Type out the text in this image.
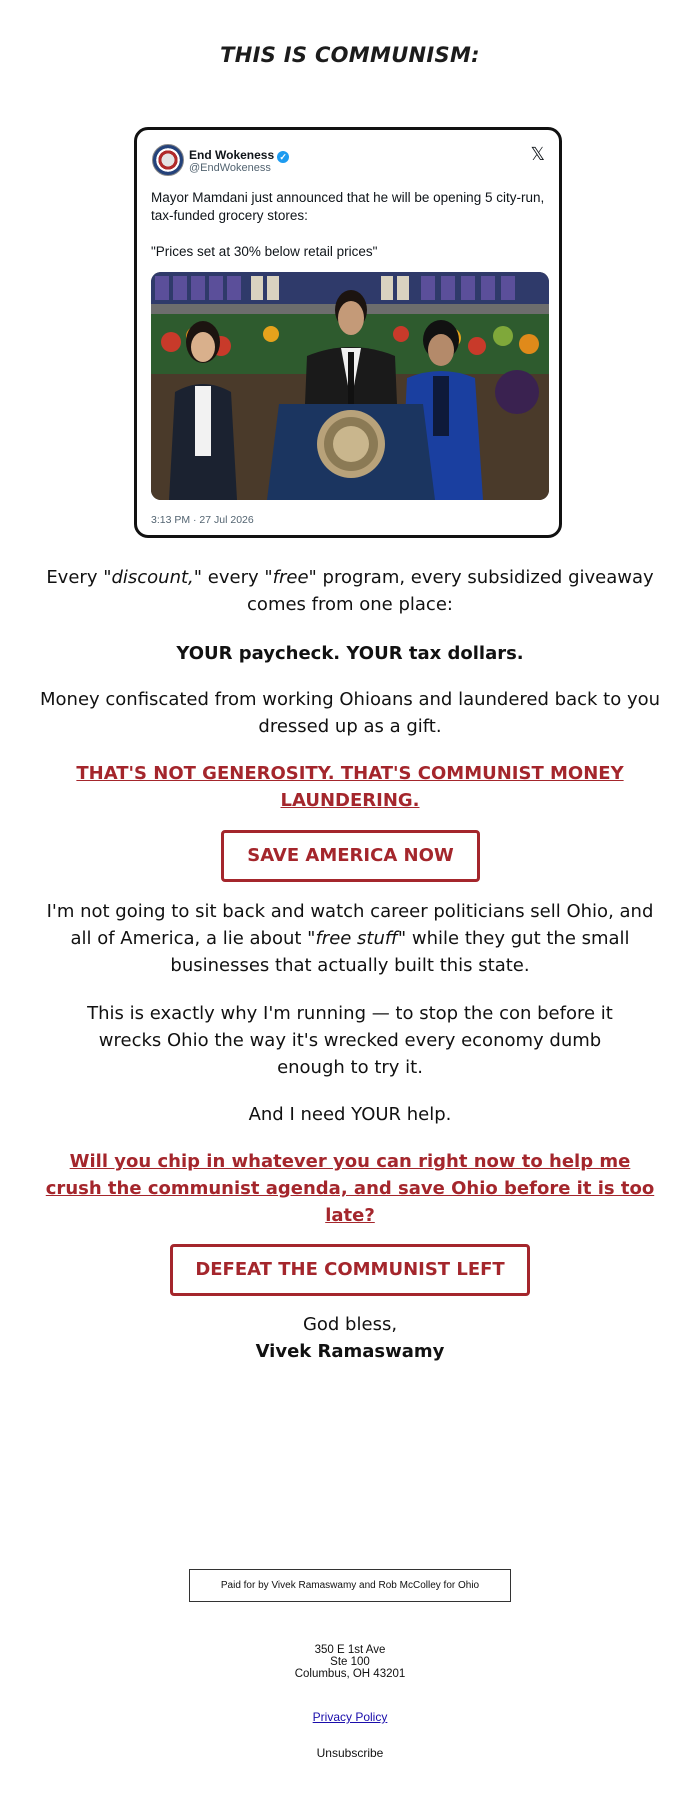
THIS IS COMMUNISM:
End Wokeness ✓
@EndWokeness
𝕏

Mayor Mamdani just announced that he will be opening 5 city-run, tax-funded grocery stores:

"Prices set at 30% below retail prices"

3:13 PM · 27 Jul 2026
Every "discount," every "free" program, every subsidized giveaway comes from one place:
YOUR paycheck. YOUR tax dollars.
Money confiscated from working Ohioans and laundered back to you dressed up as a gift.
THAT'S NOT GENEROSITY. THAT'S COMMUNIST MONEY LAUNDERING.
SAVE AMERICA NOW
I'm not going to sit back and watch career politicians sell Ohio, and all of America, a lie about "free stuff" while they gut the small businesses that actually built this state.
This is exactly why I'm running — to stop the con before it wrecks Ohio the way it's wrecked every economy dumb enough to try it.
And I need YOUR help.
Will you chip in whatever you can right now to help me crush the communist agenda, and save Ohio before it is too late?
DEFEAT THE COMMUNIST LEFT
God bless,
Vivek Ramaswamy
Paid for by Vivek Ramaswamy and Rob McColley for Ohio
350 E 1st Ave
Ste 100
Columbus, OH 43201
Privacy Policy
Unsubscribe
